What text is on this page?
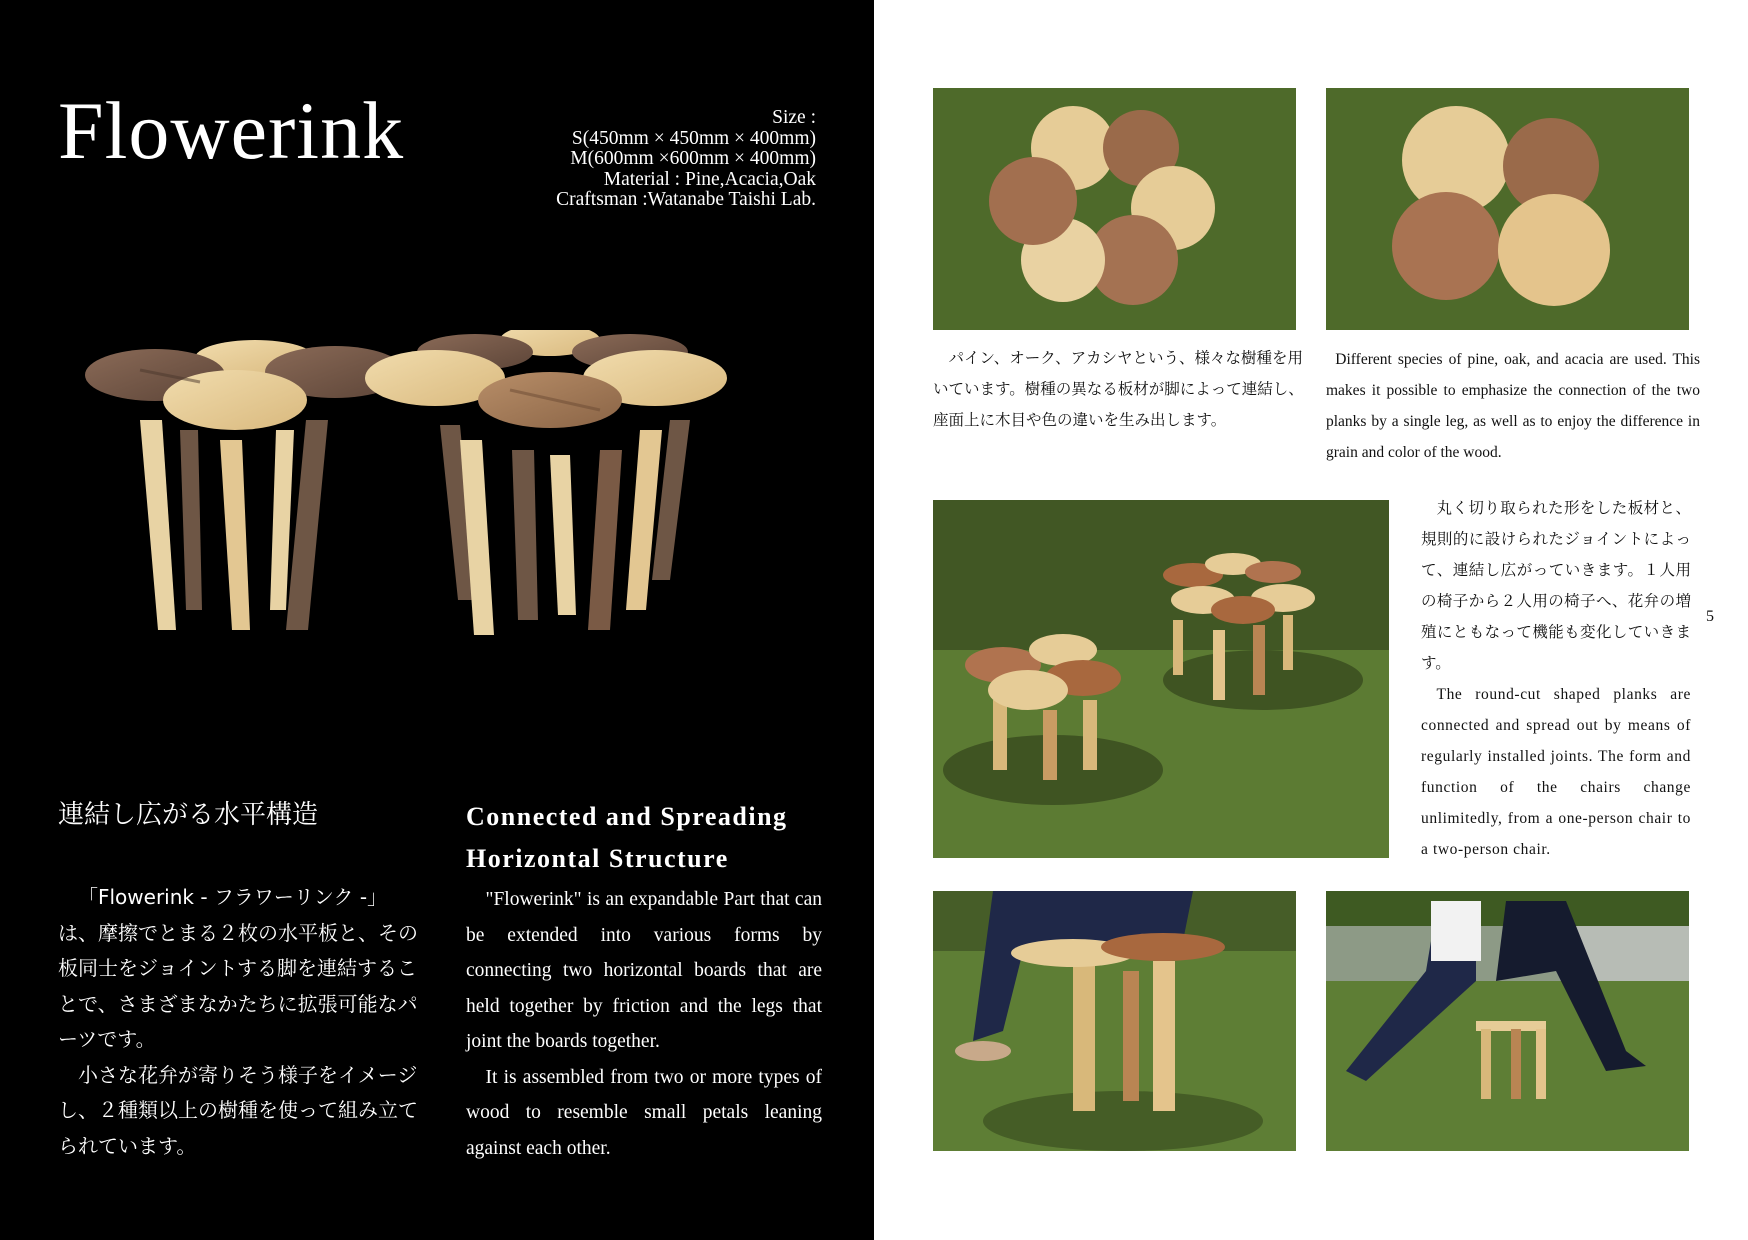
Flowerink	Size :
S(450mm × 450mm × 400mm)
M(600mm ×600mm × 400mm)
Material : Pine,Acacia,Oak
Craftsman :Watanabe Taishi Lab.
連結し広がる水平構造	Connected and Spreading
Horizontal Structure

「Flowerink - フラワーリンク -」は、摩擦でとまる２枚の水平板と、その板同士をジョイントする脚を連結することで、さまざまなかたちに拡張可能なパーツです。

小さな花弁が寄りそう様子をイメージし、２種類以上の樹種を使って組み立てられています。

"Flowerink" is an expandable Part that can be extended into various forms by connecting two horizontal boards that are held together by friction and the legs that joint the boards together.

It is assembled from two or more types of wood to resemble small petals leaning against each other.

パイン、オーク、アカシヤという、様々な樹種を用いています。樹種の異なる板材が脚によって連結し、座面上に木目や色の違いを生み出します。

Different species of pine, oak, and acacia are used. This makes it possible to emphasize the connection of the two planks by a single leg, as well as to enjoy the difference in grain and color of the wood.

丸く切り取られた形をした板材と、規則的に設けられたジョイントによって、連結し広がっていきます。１人用の椅子から２人用の椅子へ、花弁の増殖にともなって機能も変化していきます。

The round-cut shaped planks are connected and spread out by means of regularly installed joints. The form and function of the chairs change unlimitedly, from a one-person chair to a two-person chair.

5
